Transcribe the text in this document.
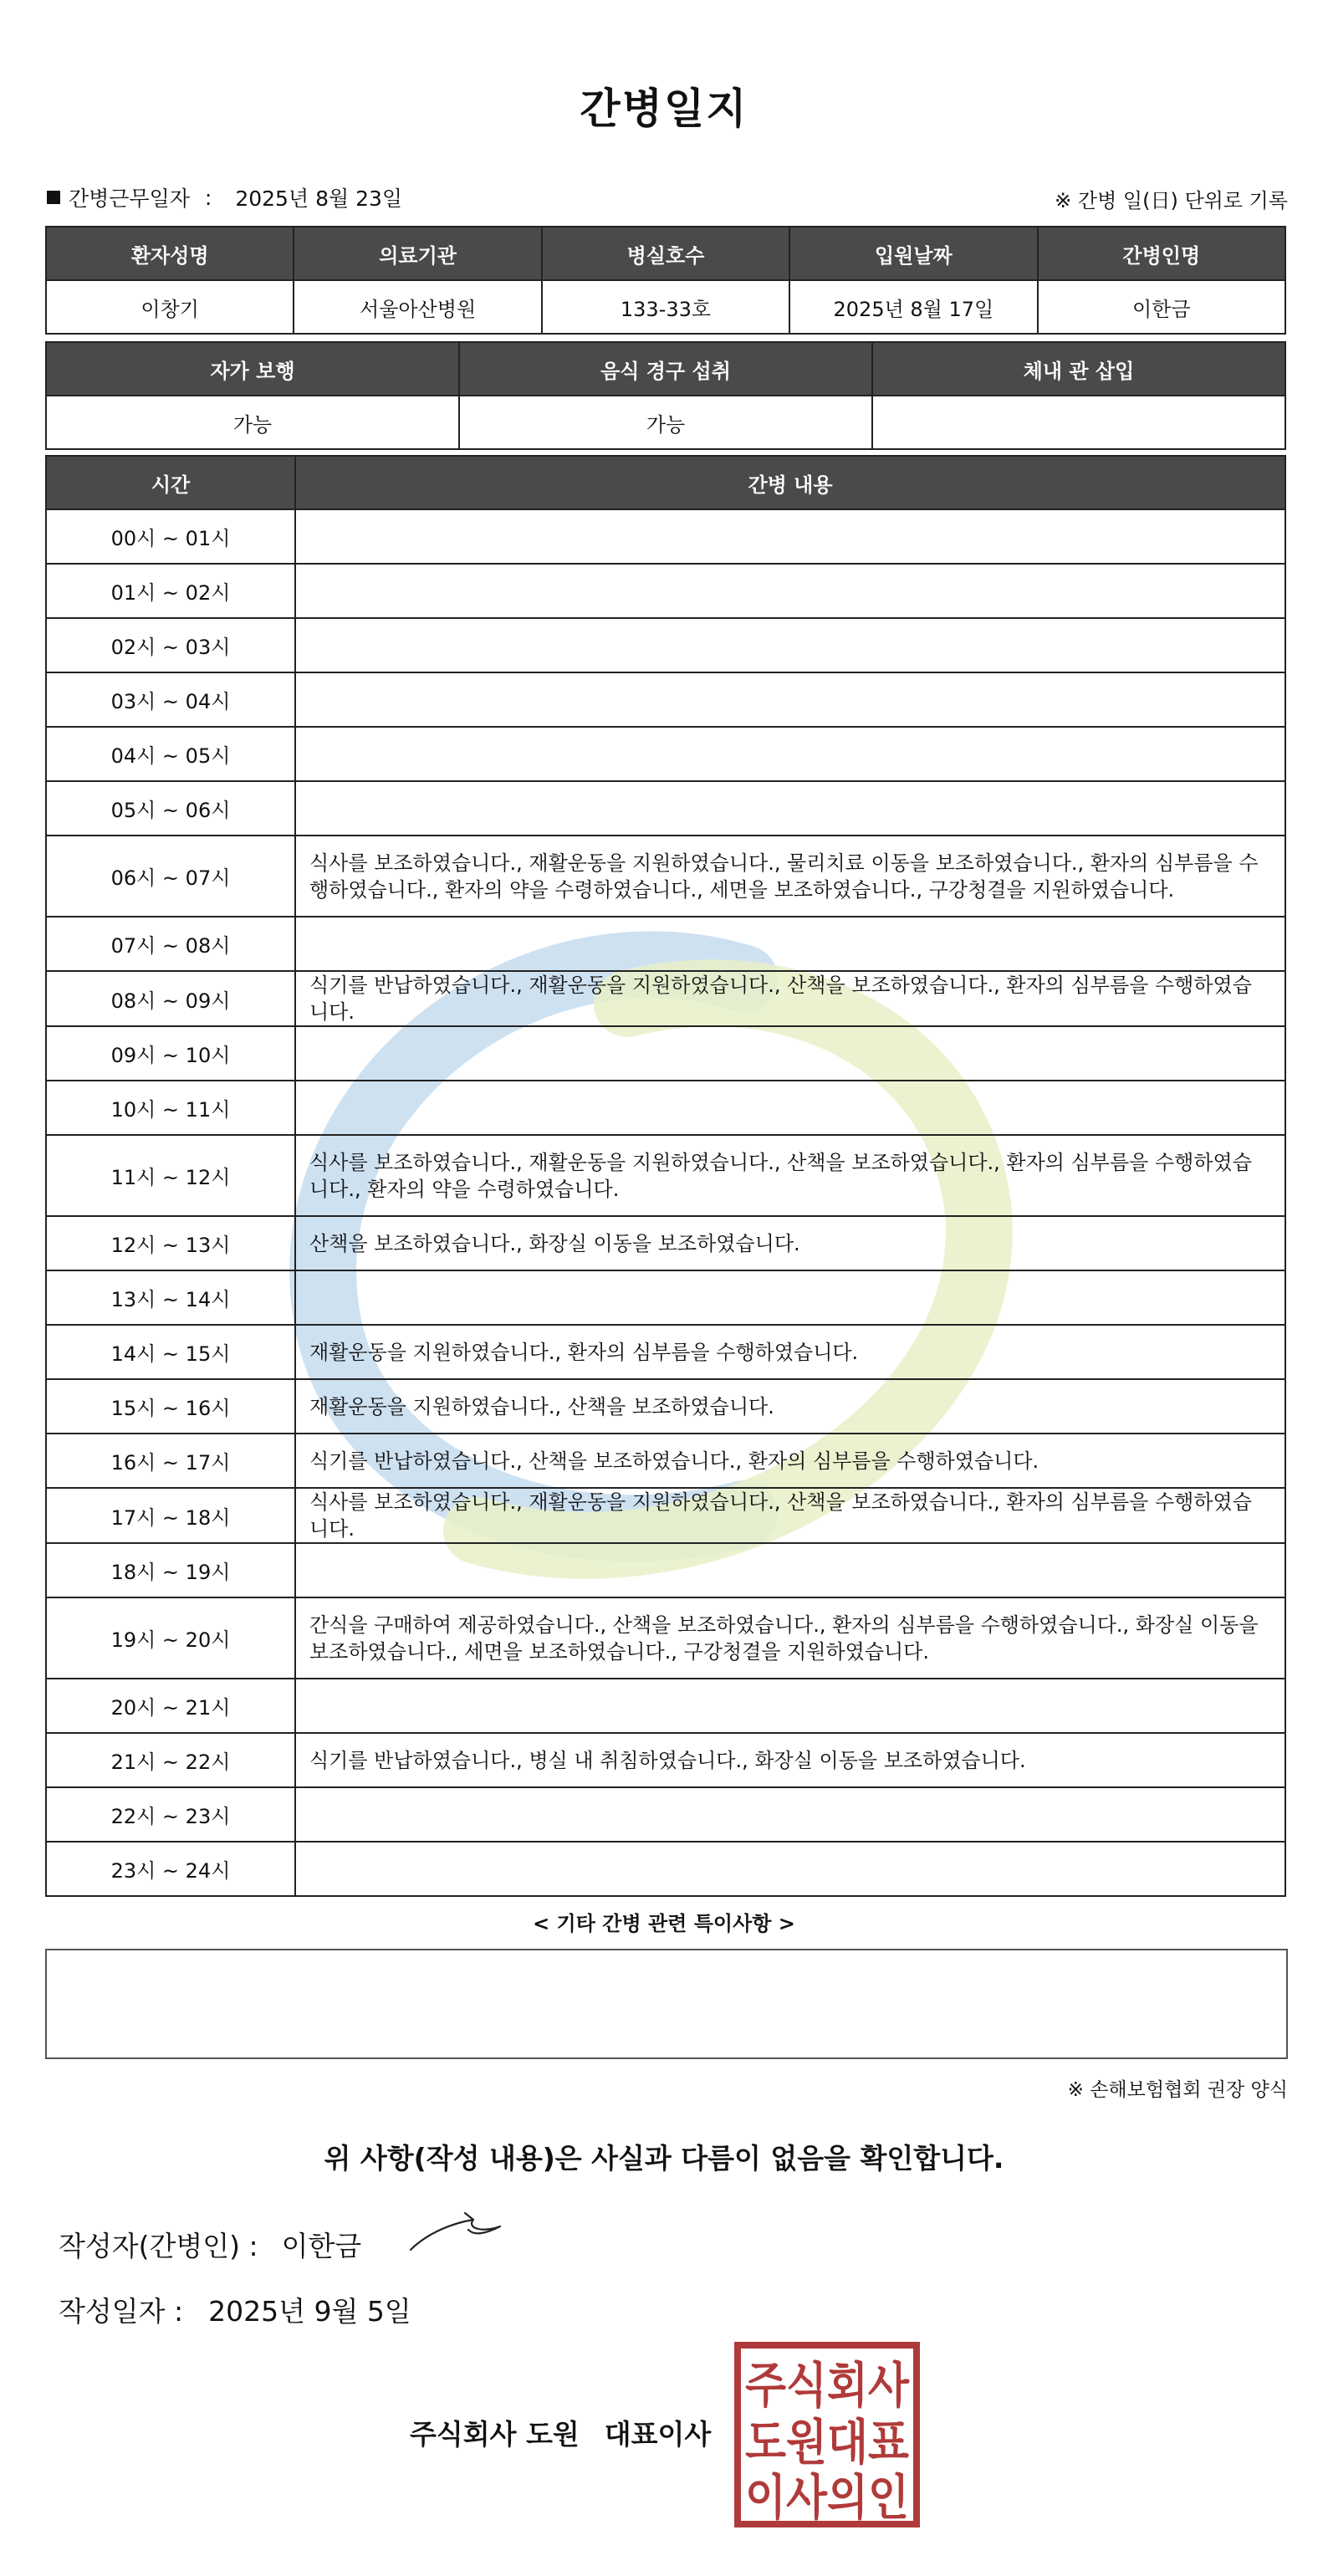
간병일지
간병근무일자 : 2025년 8월 23일	※ 간병 일(日) 단위로 기록
환자성명	의료기관	병실호수	입원날짜	간병인명
이창기	서울아산병원	133-33호	2025년 8월 17일	이한금
자가 보행	음식 경구 섭취	체내 관 삽입
가능	가능	
시간	간병 내용
00시 ~ 01시	
01시 ~ 02시	
02시 ~ 03시	
03시 ~ 04시	
04시 ~ 05시	
05시 ~ 06시	
06시 ~ 07시	식사를 보조하였습니다., 재활운동을 지원하였습니다., 물리치료 이동을 보조하였습니다., 환자의 심부름을 수행하였습니다., 환자의 약을 수령하였습니다., 세면을 보조하였습니다., 구강청결을 지원하였습니다.
07시 ~ 08시	
08시 ~ 09시	식기를 반납하였습니다., 재활운동을 지원하였습니다., 산책을 보조하였습니다., 환자의 심부름을 수행하였습니다.
09시 ~ 10시	
10시 ~ 11시	
11시 ~ 12시	식사를 보조하였습니다., 재활운동을 지원하였습니다., 산책을 보조하였습니다., 환자의 심부름을 수행하였습니다., 환자의 약을 수령하였습니다.
12시 ~ 13시	산책을 보조하였습니다., 화장실 이동을 보조하였습니다.
13시 ~ 14시	
14시 ~ 15시	재활운동을 지원하였습니다., 환자의 심부름을 수행하였습니다.
15시 ~ 16시	재활운동을 지원하였습니다., 산책을 보조하였습니다.
16시 ~ 17시	식기를 반납하였습니다., 산책을 보조하였습니다., 환자의 심부름을 수행하였습니다.
17시 ~ 18시	식사를 보조하였습니다., 재활운동을 지원하였습니다., 산책을 보조하였습니다., 환자의 심부름을 수행하였습니다.
18시 ~ 19시	
19시 ~ 20시	간식을 구매하여 제공하였습니다., 산책을 보조하였습니다., 환자의 심부름을 수행하였습니다., 화장실 이동을 보조하였습니다., 세면을 보조하였습니다., 구강청결을 지원하였습니다.
20시 ~ 21시	
21시 ~ 22시	식기를 반납하였습니다., 병실 내 취침하였습니다., 화장실 이동을 보조하였습니다.
22시 ~ 23시	
23시 ~ 24시	
< 기타 간병 관련 특이사항 >
※ 손해보험협회 권장 양식
위 사항(작성 내용)은 사실과 다름이 없음을 확인합니다.
작성자(간병인) : 이한금
작성일자 : 2025년 9월 5일
주식회사 도원 대표이사
주식회사
도원대표
이사의인
